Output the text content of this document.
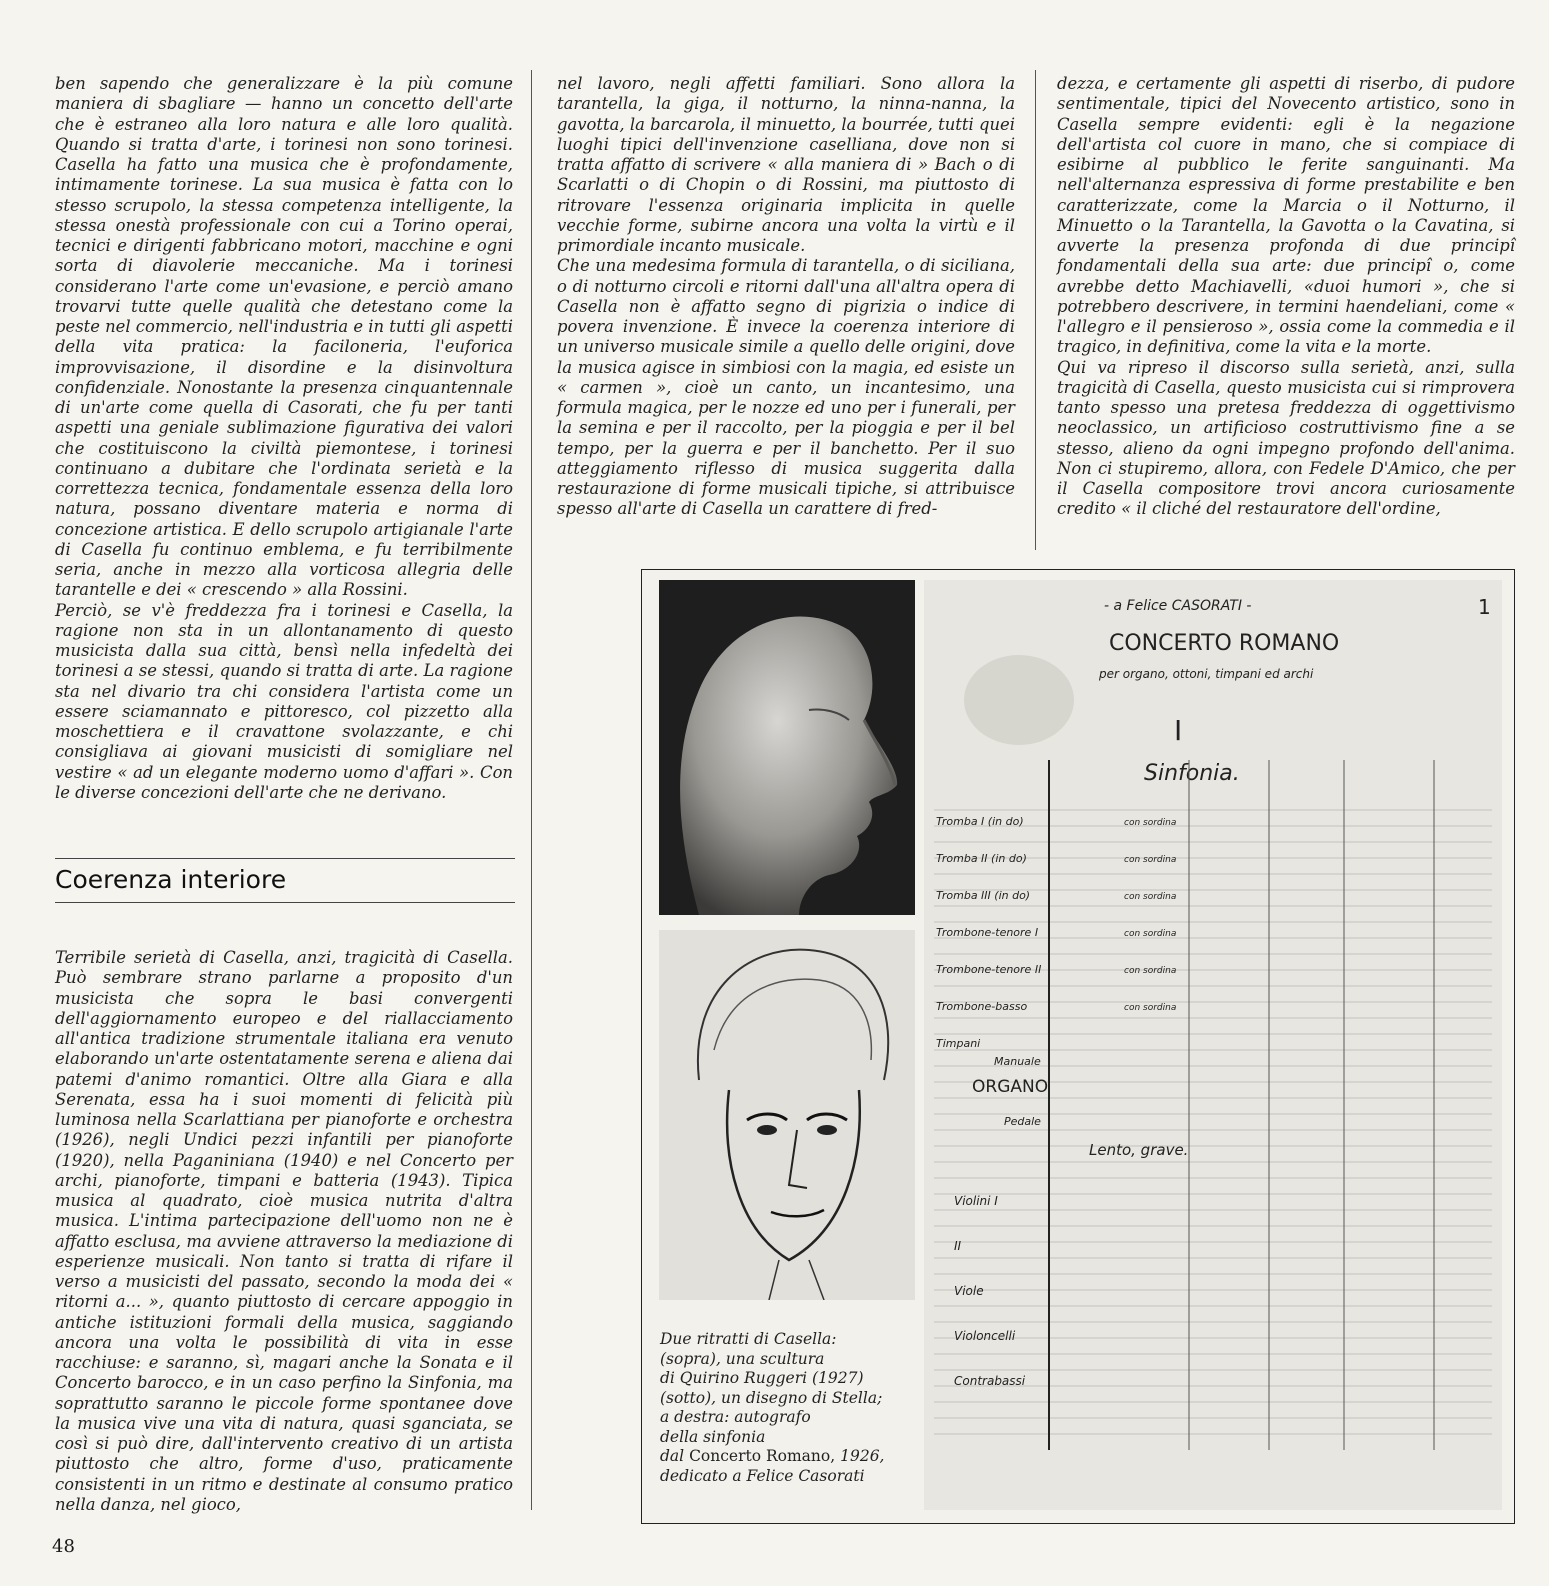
ben sapendo che generalizzare è la più comune maniera di sbagliare — hanno un concetto dell'arte che è estraneo alla loro natura e alle loro qualità. Quando si tratta d'arte, i torinesi non sono torinesi. Casella ha fatto una musica che è profondamente, intimamente torinese. La sua musica è fatta con lo stesso scrupolo, la stessa competenza intelligente, la stessa onestà professionale con cui a Torino operai, tecnici e dirigenti fabbricano motori, macchine e ogni sorta di diavolerie meccaniche. Ma i torinesi considerano l'arte come un'evasione, e perciò amano trovarvi tutte quelle qualità che detestano come la peste nel commercio, nell'industria e in tutti gli aspetti della vita pratica: la faciloneria, l'euforica improvvisazione, il disordine e la disinvoltura confidenziale. Nonostante la presenza cinquantennale di un'arte come quella di Casorati, che fu per tanti aspetti una geniale sublimazione figurativa dei valori che costituiscono la civiltà piemontese, i torinesi continuano a dubitare che l'ordinata serietà e la correttezza tecnica, fondamentale essenza della loro natura, possano diventare materia e norma di concezione artistica. E dello scrupolo artigianale l'arte di Casella fu continuo emblema, e fu terribilmente seria, anche in mezzo alla vorticosa allegria delle tarantelle e dei « crescendo » alla Rossini.

Perciò, se v'è freddezza fra i torinesi e Casella, la ragione non sta in un allontanamento di questo musicista dalla sua città, bensì nella infedeltà dei torinesi a se stessi, quando si tratta di arte. La ragione sta nel divario tra chi considera l'artista come un essere sciamannato e pittoresco, col pizzetto alla moschettiera e il cravattone svolazzante, e chi consigliava ai giovani musicisti di somigliare nel vestire « ad un elegante moderno uomo d'affari ». Con le diverse concezioni dell'arte che ne derivano.

Coerenza interiore

Terribile serietà di Casella, anzi, tragicità di Casella. Può sembrare strano parlarne a proposito d'un musicista che sopra le basi convergenti dell'aggiornamento europeo e del riallacciamento all'antica tradizione strumentale italiana era venuto elaborando un'arte ostentatamente serena e aliena dai patemi d'animo romantici. Oltre alla Giara e alla Serenata, essa ha i suoi momenti di felicità più luminosa nella Scarlattiana per pianoforte e orchestra (1926), negli Undici pezzi infantili per pianoforte (1920), nella Paganiniana (1940) e nel Concerto per archi, pianoforte, timpani e batteria (1943). Tipica musica al quadrato, cioè musica nutrita d'altra musica. L'intima partecipazione dell'uomo non ne è affatto esclusa, ma avviene attraverso la mediazione di esperienze musicali. Non tanto si tratta di rifare il verso a musicisti del passato, secondo la moda dei « ritorni a... », quanto piuttosto di cercare appoggio in antiche istituzioni formali della musica, saggiando ancora una volta le possibilità di vita in esse racchiuse: e saranno, sì, magari anche la Sonata e il Concerto barocco, e in un caso perfino la Sinfonia, ma soprattutto saranno le piccole forme spontanee dove la musica vive una vita di natura, quasi sganciata, se così si può dire, dall'intervento creativo di un artista piuttosto che altro, forme d'uso, praticamente consistenti in un ritmo e destinate al consumo pratico nella danza, nel gioco,

nel lavoro, negli affetti familiari. Sono allora la tarantella, la giga, il notturno, la ninna-nanna, la gavotta, la barcarola, il minuetto, la bourrée, tutti quei luoghi tipici dell'invenzione caselliana, dove non si tratta affatto di scrivere « alla maniera di » Bach o di Scarlatti o di Chopin o di Rossini, ma piuttosto di ritrovare l'essenza originaria implicita in quelle vecchie forme, subirne ancora una volta la virtù e il primordiale incanto musicale.

Che una medesima formula di tarantella, o di siciliana, o di notturno circoli e ritorni dall'una all'altra opera di Casella non è affatto segno di pigrizia o indice di povera invenzione. È invece la coerenza interiore di un universo musicale simile a quello delle origini, dove la musica agisce in simbiosi con la magia, ed esiste un « carmen », cioè un canto, un incantesimo, una formula magica, per le nozze ed uno per i funerali, per la semina e per il raccolto, per la pioggia e per il bel tempo, per la guerra e per il banchetto. Per il suo atteggiamento riflesso di musica suggerita dalla restaurazione di forme musicali tipiche, si attribuisce spesso all'arte di Casella un carattere di fred-

dezza, e certamente gli aspetti di riserbo, di pudore sentimentale, tipici del Novecento artistico, sono in Casella sempre evidenti: egli è la negazione dell'artista col cuore in mano, che si compiace di esibirne al pubblico le ferite sanguinanti. Ma nell'alternanza espressiva di forme prestabilite e ben caratterizzate, come la Marcia o il Notturno, il Minuetto o la Tarantella, la Gavotta o la Cavatina, si avverte la presenza profonda di due principî fondamentali della sua arte: due principî o, come avrebbe detto Machiavelli, «duoi humori », che si potrebbero descrivere, in termini haendeliani, come « l'allegro e il pensieroso », ossia come la commedia e il tragico, in definitiva, come la vita e la morte.

Qui va ripreso il discorso sulla serietà, anzi, sulla tragicità di Casella, questo musicista cui si rimprovera tanto spesso una pretesa freddezza di oggettivismo neoclassico, un artificioso costruttivismo fine a se stesso, alieno da ogni impegno profondo dell'anima. Non ci stupiremo, allora, con Fedele D'Amico, che per il Casella compositore trovi ancora curiosamente credito « il cliché del restauratore dell'ordine,

Due ritratti di Casella:
(sopra), una scultura
di Quirino Ruggeri (1927)
(sotto), un disegno di Stella;
a destra: autografo
della sinfonia
dal Concerto Romano, 1926,
dedicato a Felice Casorati
- a Felice CASORATI -
CONCERTO ROMANO
per organo, ottoni, timpani ed archi
I
Sinfonia.
1
Tromba I (in do)	con sordina
Tromba II (in do)	con sordina
Tromba III (in do)	con sordina
Trombone-tenore I	con sordina
Trombone-tenore II	con sordina
Trombone-basso	con sordina
Timpani
Manuale
ORGANO
Pedale
Lento, grave.
Violini I
II
Viole
Violoncelli
Contrabassi
48
